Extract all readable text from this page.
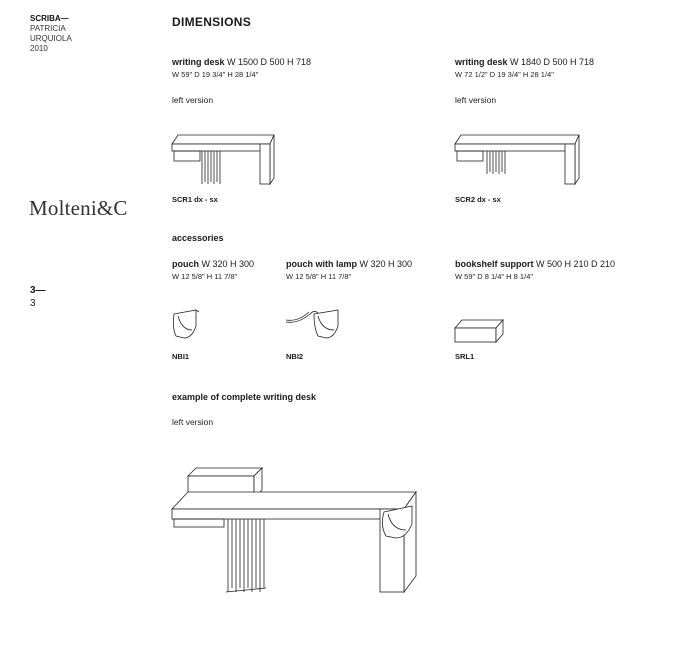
SCRIBA—
PATRICIA
URQUIOLA
2010
Molteni&C
3—
3
DIMENSIONS
writing desk W 1500 D 500 H 718
W 59" D 19 3/4" H 28 1/4"
left version
SCR1 dx - sx
writing desk W 1840 D 500 H 718
W 72 1/2" D 19 3/4" H 28 1/4"
left version
SCR2 dx - sx
accessories
pouch W 320 H 300
W 12 5/8" H 11 7/8"
NBI1
pouch with lamp W 320 H 300
W 12 5/8" H 11 7/8"
NBI2
bookshelf support W 500 H 210 D 210
W 59" D 8 1/4" H 8 1/4"
SRL1
example of complete writing desk
left version
